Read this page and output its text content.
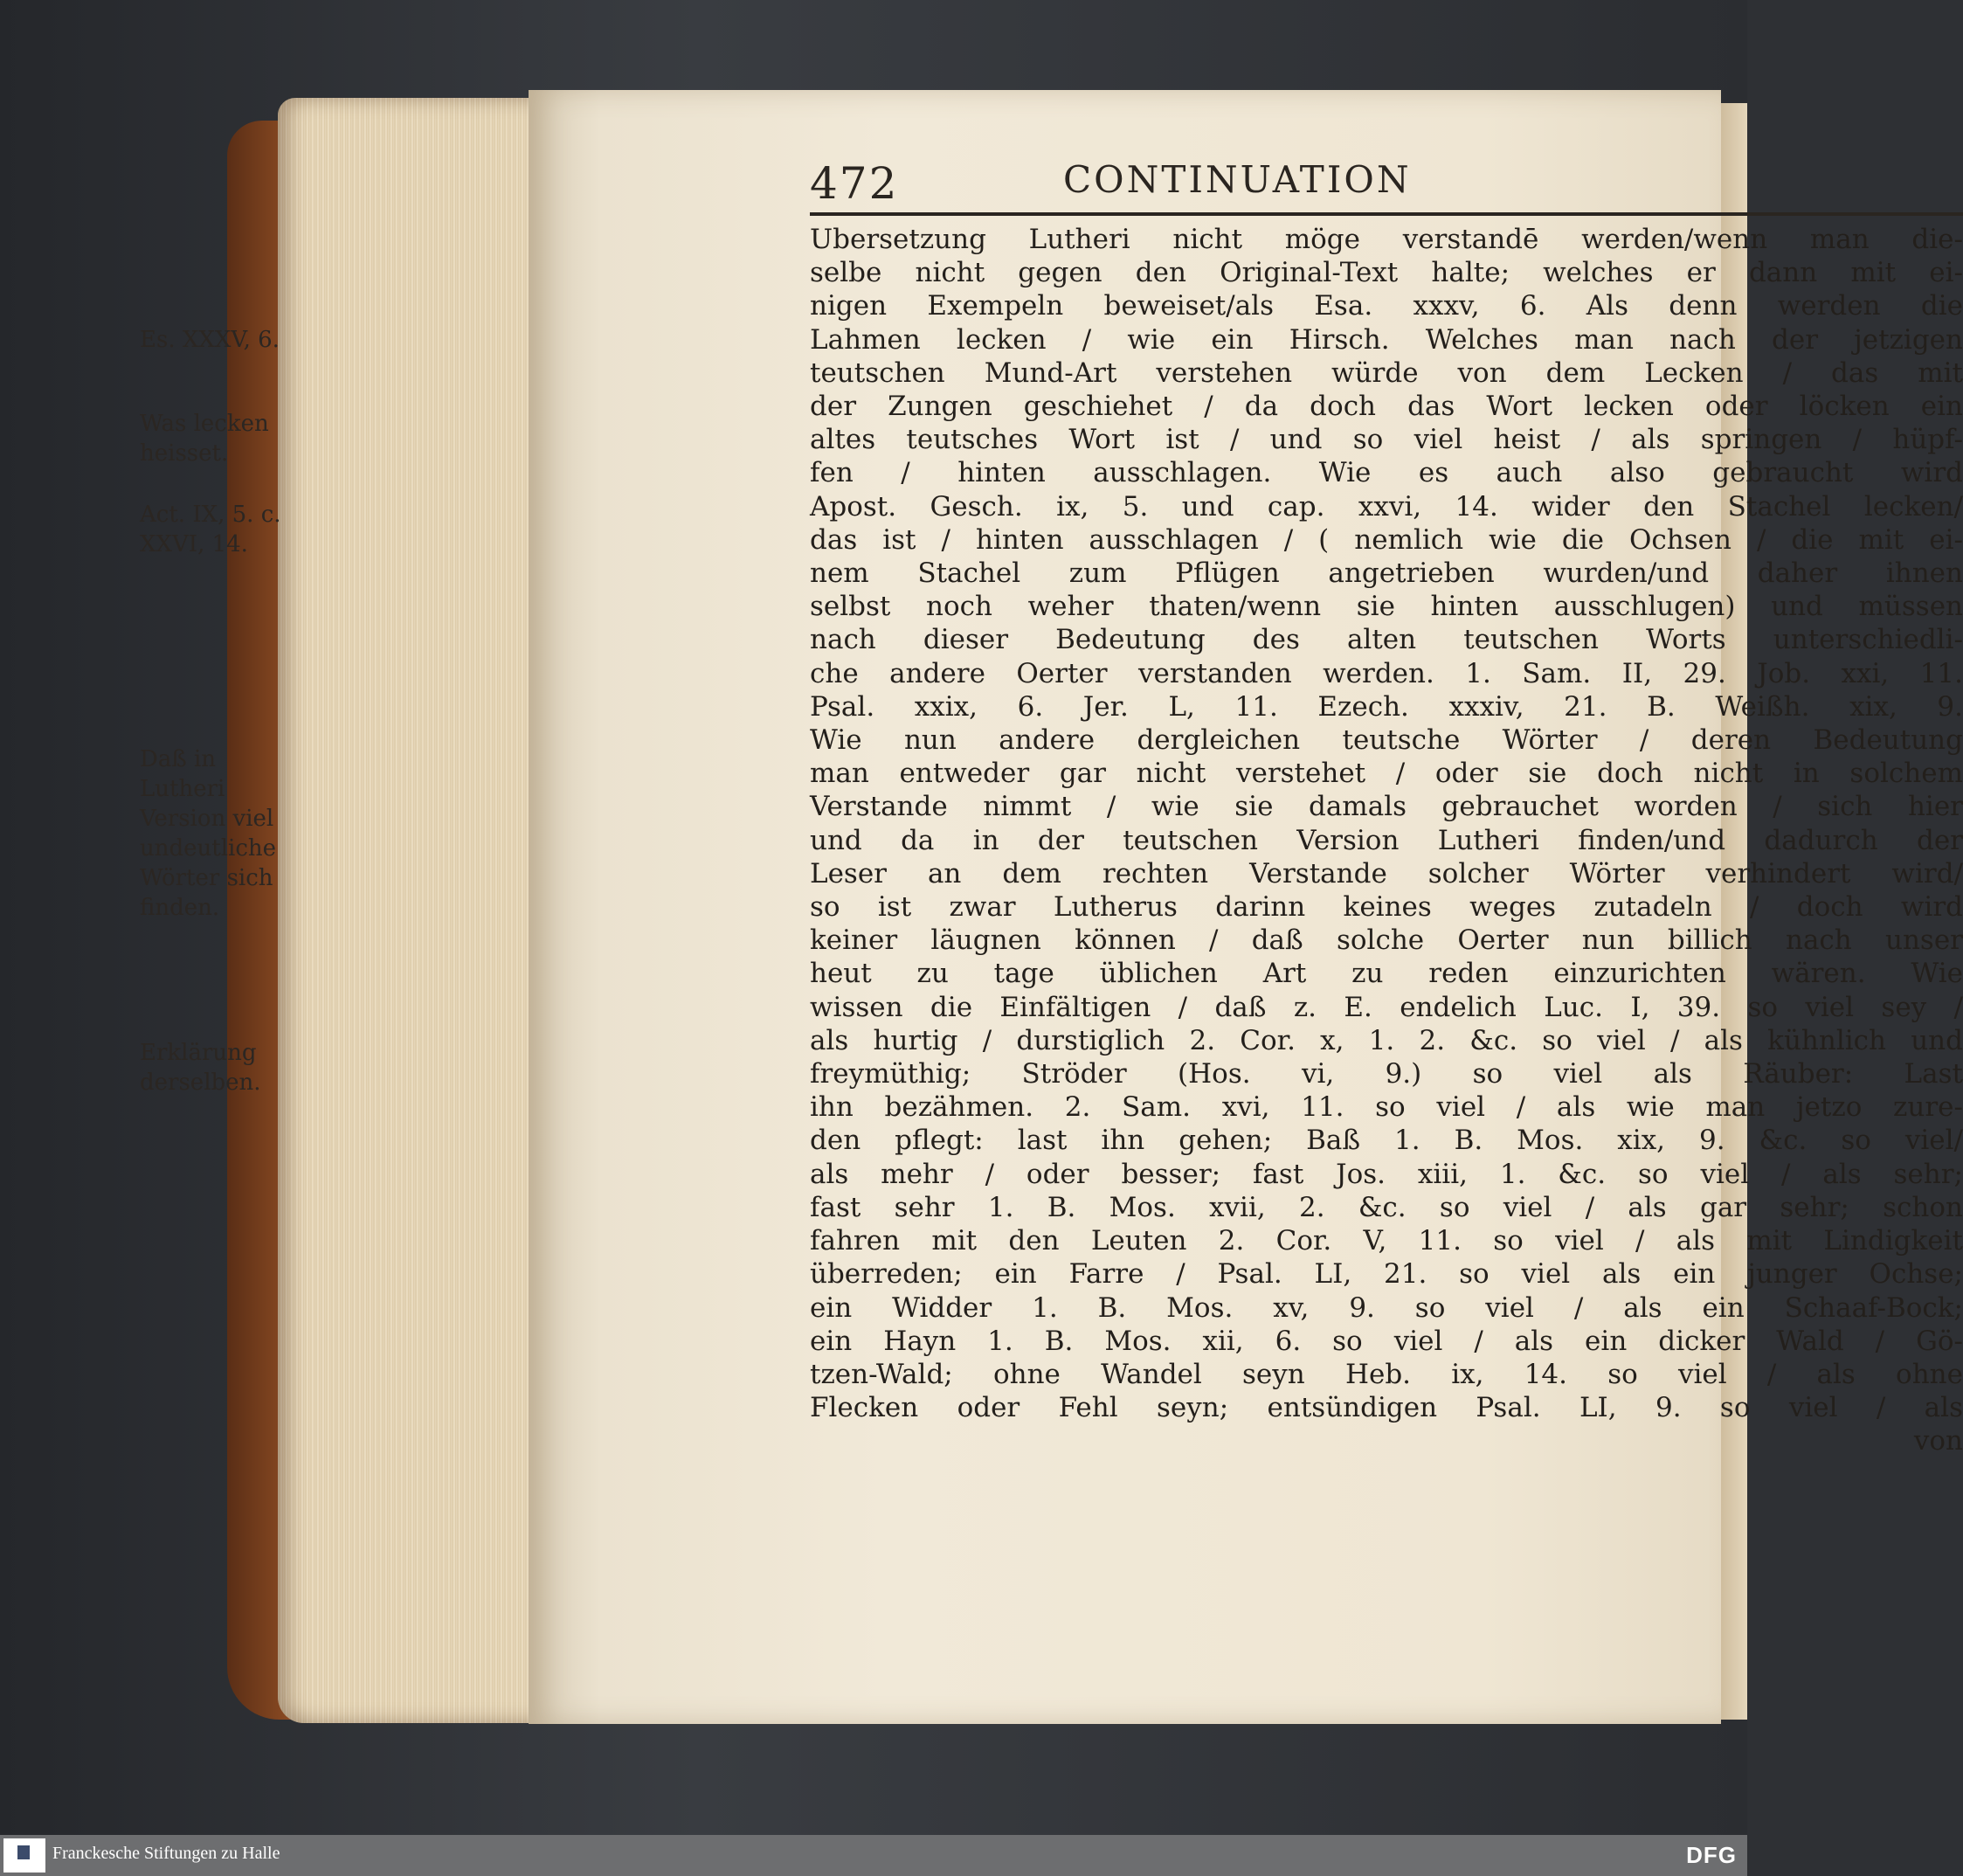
472	CONTINUATION
Ubersetzung Lutheri nicht möge verstandē werden/wenn man die-
selbe nicht gegen den Original-Text halte; welches er dann mit ei-
nigen Exempeln beweiset/als Esa. xxxv, 6. Als denn werden die
Lahmen lecken / wie ein Hirsch. Welches man nach der jetzigen
teutschen Mund-Art verstehen würde von dem Lecken / das mit
der Zungen geschiehet / da doch das Wort lecken oder löcken ein
altes teutsches Wort ist / und so viel heist / als springen / hüpf-
fen / hinten ausschlagen. Wie es auch also gebraucht wird
Apost. Gesch. ix, 5. und cap. xxvi, 14. wider den Stachel lecken/
das ist / hinten ausschlagen / ( nemlich wie die Ochsen / die mit ei-
nem Stachel zum Pflügen angetrieben wurden/und daher ihnen
selbst noch weher thaten/wenn sie hinten ausschlugen) und müssen
nach dieser Bedeutung des alten teutschen Worts unterschiedli-
che andere Oerter verstanden werden. 1. Sam. II, 29. Job. xxi, 11.
Psal. xxix, 6. Jer. L, 11. Ezech. xxxiv, 21. B. Weißh. xix, 9.
Wie nun andere dergleichen teutsche Wörter / deren Bedeutung
man entweder gar nicht verstehet / oder sie doch nicht in solchem
Verstande nimmt / wie sie damals gebrauchet worden / sich hier
und da in der teutschen Version Lutheri finden/und dadurch der
Leser an dem rechten Verstande solcher Wörter verhindert wird/
so ist zwar Lutherus darinn keines weges zutadeln / doch wird
keiner läugnen können / daß solche Oerter nun billich nach unser
heut zu tage üblichen Art zu reden einzurichten wären. Wie
wissen die Einfältigen / daß z. E. endelich Luc. I, 39. so viel sey /
als hurtig / durstiglich 2. Cor. x, 1. 2. &c. so viel / als kühnlich und
freymüthig; Ströder (Hos. vi, 9.) so viel als Räuber: Last
ihn bezähmen. 2. Sam. xvi, 11. so viel / als wie man jetzo zure-
den pflegt: last ihn gehen; Baß 1. B. Mos. xix, 9. &c. so viel/
als mehr / oder besser; fast Jos. xiii, 1. &c. so viel / als sehr;
fast sehr 1. B. Mos. xvii, 2. &c. so viel / als gar sehr; schon
fahren mit den Leuten 2. Cor. V, 11. so viel / als mit Lindigkeit
überreden; ein Farre / Psal. LI, 21. so viel als ein junger Ochse;
ein Widder 1. B. Mos. xv, 9. so viel / als ein Schaaf-Bock;
ein Hayn 1. B. Mos. xii, 6. so viel / als ein dicker Wald / Gö-
tzen-Wald; ohne Wandel seyn Heb. ix, 14. so viel / als ohne
Flecken oder Fehl seyn; entsündigen Psal. LI, 9. so viel / als
von
Es. XXXV, 6.
Was lecken heisset.
Act. IX, 5. c. XXVI, 14.
Daß in Lutheri Version viel undeutliche Wörter sich finden.
Erklärung derselben.
Franckesche Stiftungen zu Halle	DFG
